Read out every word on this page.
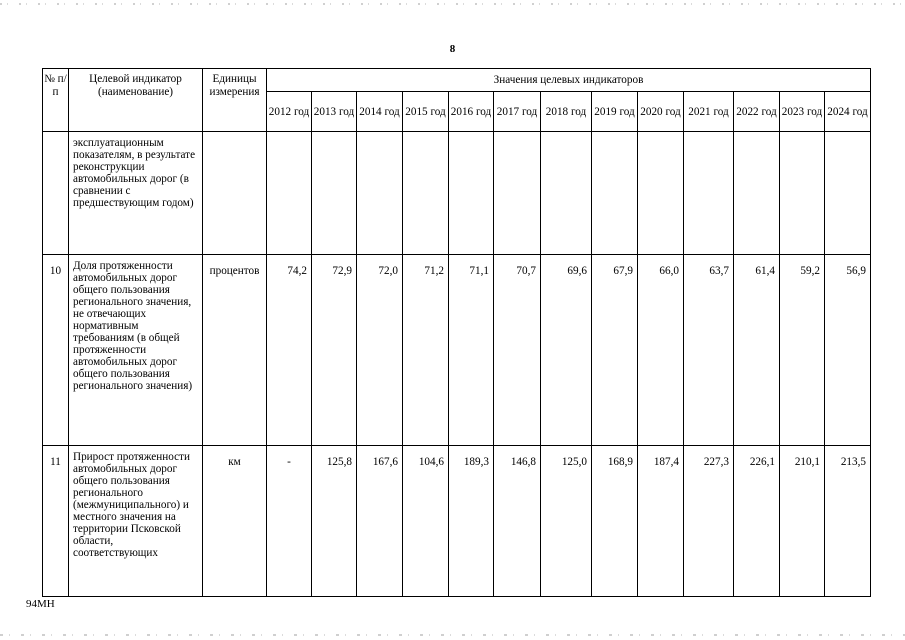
8
№ п/п	Целевой индикатор (наименование)	Единицы измерения	Значения целевых индикаторов												
			2012 год	2013 год	2014 год	2015 год	2016 год	2017 год	2018 год	2019 год	2020 год	2021 год	2022 год	2023 год	2024 год
	эксплуатационным показателям, в результате реконструкции автомобильных дорог (в сравнении с предшествующим годом)														
10	Доля протяженности автомобильных дорог общего пользования регионального значения, не отвечающих нормативным требованиям (в общей протяженности автомобильных дорог общего пользования регионального значения)	процентов	74,2	72,9	72,0	71,2	71,1	70,7	69,6	67,9	66,0	63,7	61,4	59,2	56,9
11	Прирост протяженности автомобильных дорог общего пользования регионального (межмуниципального) и местного значения на территории Псковской области, соответствующих	км	-	125,8	167,6	104,6	189,3	146,8	125,0	168,9	187,4	227,3	226,1	210,1	213,5
94МН
